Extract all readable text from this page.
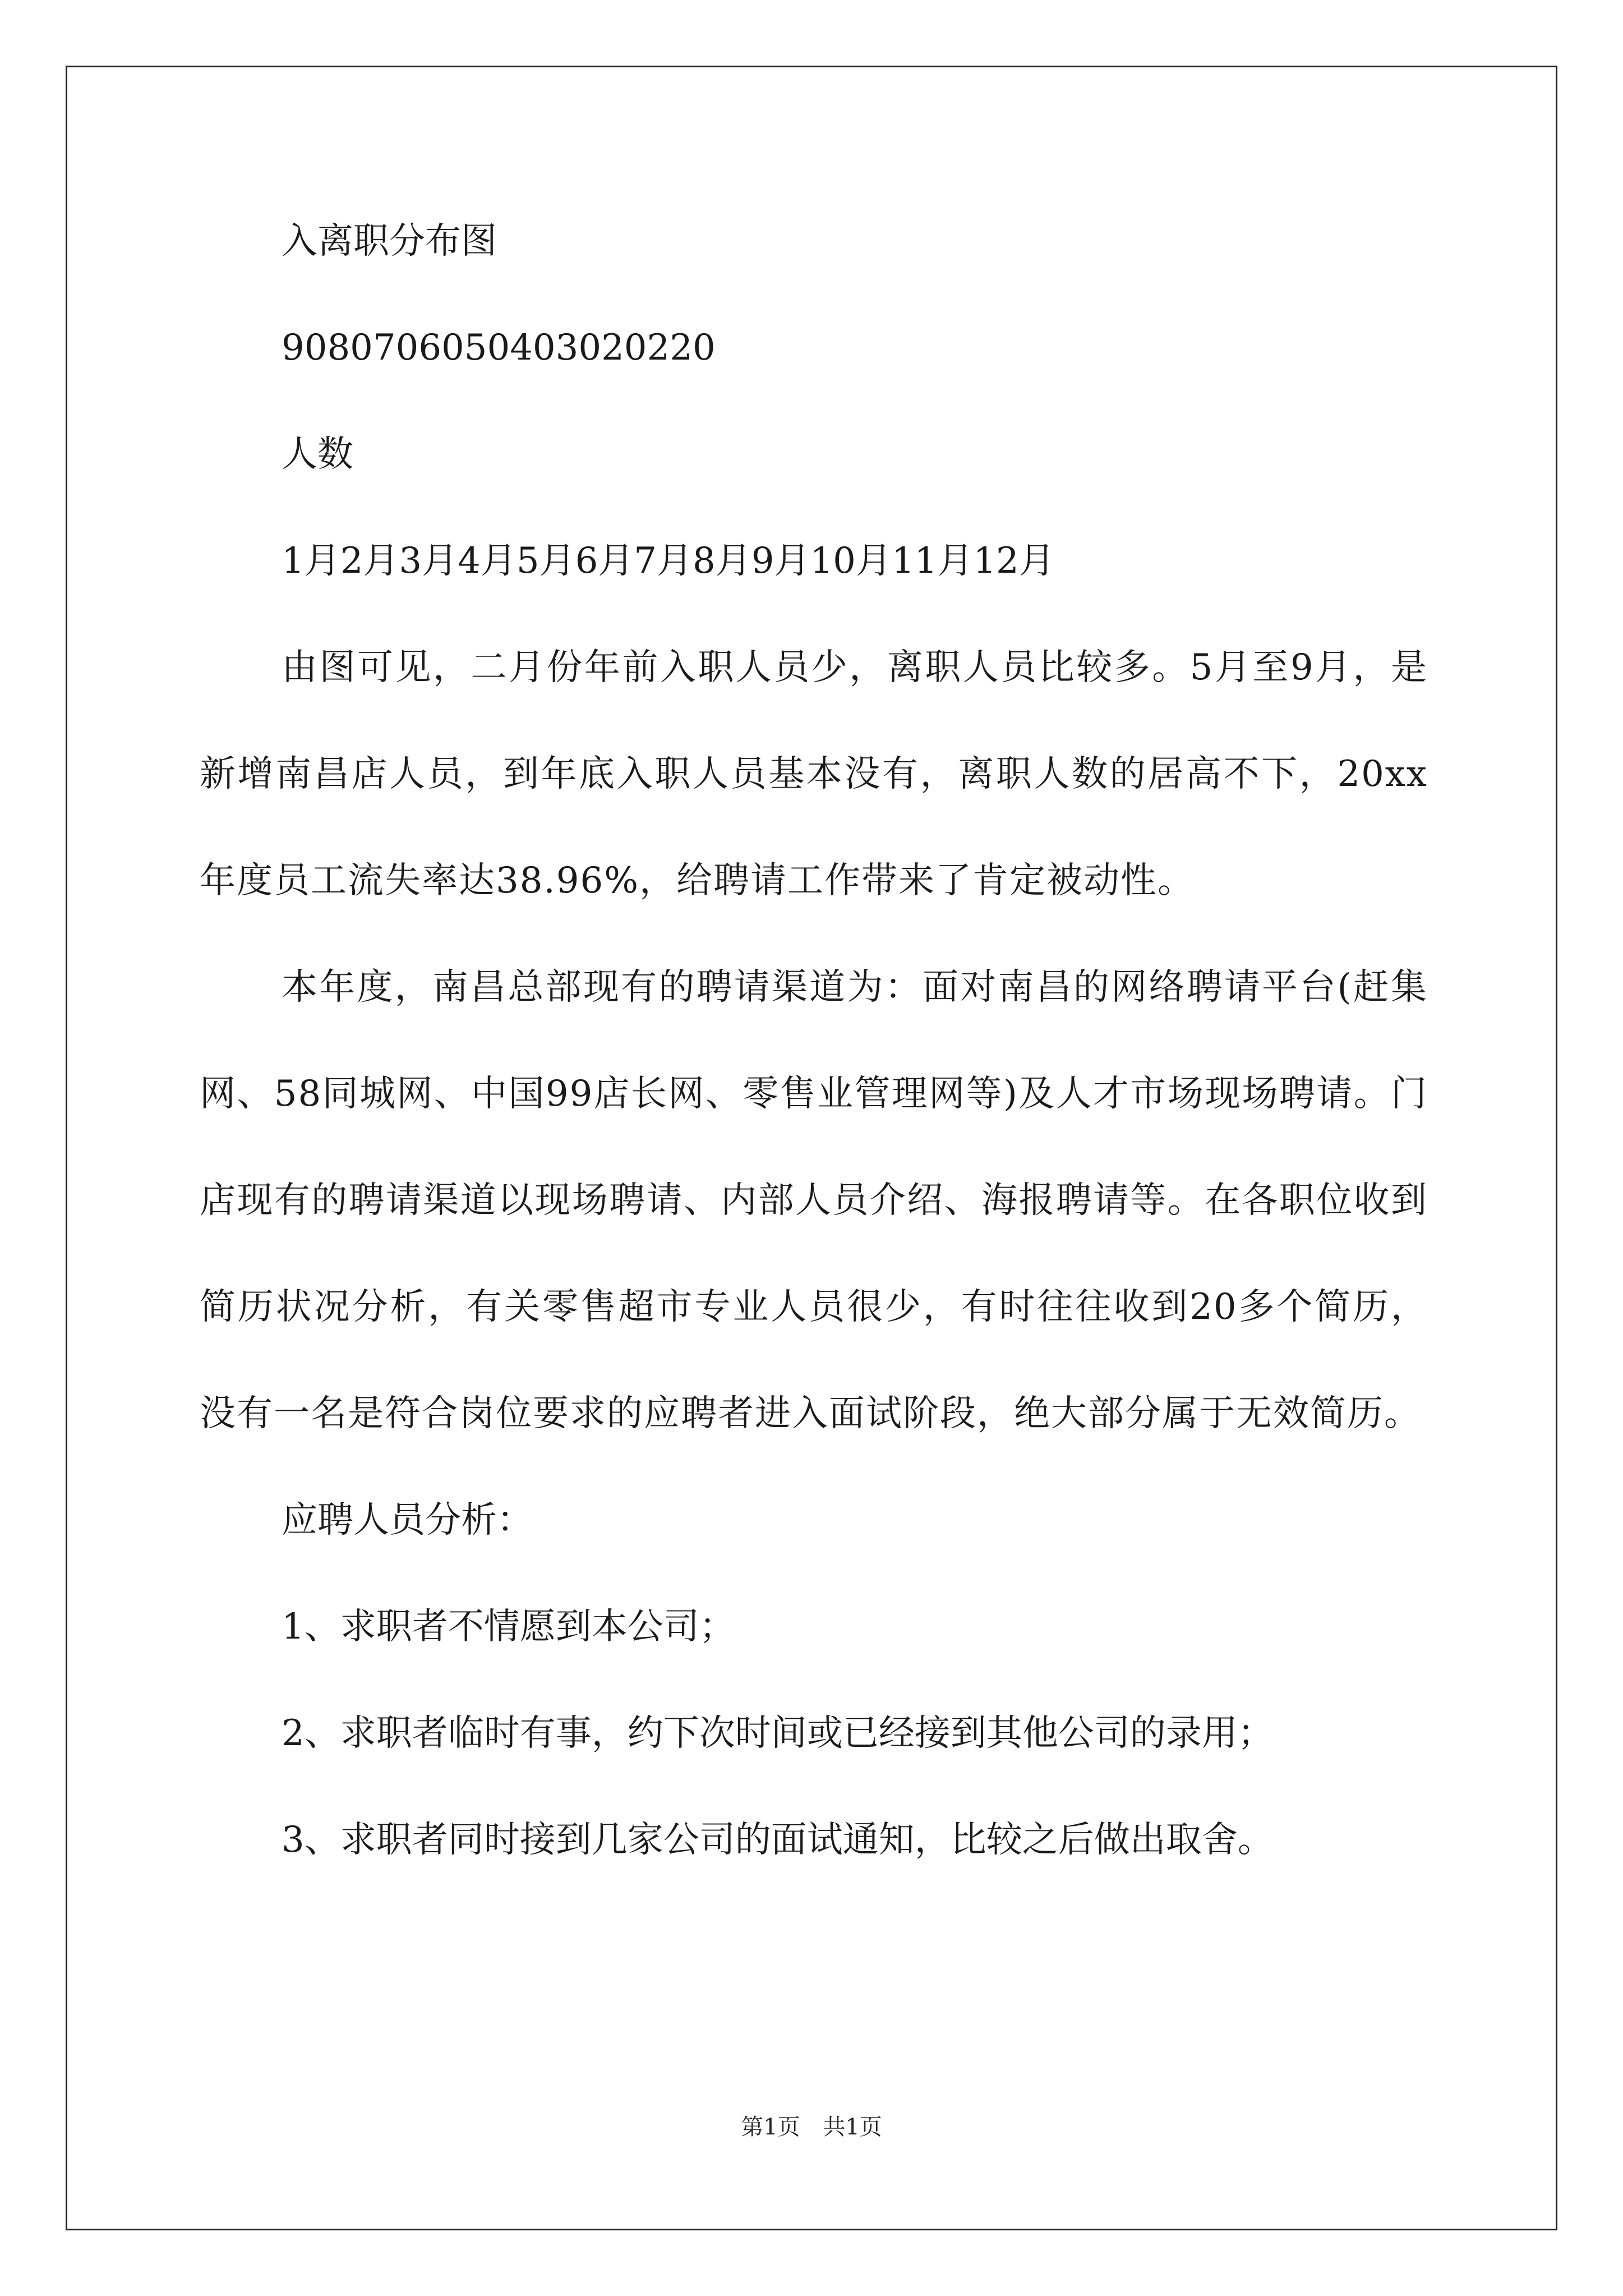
入离职分布图

9080706050403020220

人数

1月2月3月4月5月6月7月8月9月10月11月12月

由图可见，二月份年前入职人员少，离职人员比较多。5月至9月，是新增南昌店人员，到年底入职人员基本没有，离职人数的居高不下，20xx年度员工流失率达38.96%，给聘请工作带来了肯定被动性。

本年度，南昌总部现有的聘请渠道为：面对南昌的网络聘请平台(赶集网、58同城网、中国99店长网、零售业管理网等)及人才市场现场聘请。门店现有的聘请渠道以现场聘请、内部人员介绍、海报聘请等。在各职位收到简历状况分析，有关零售超市专业人员很少，有时往往收到20多个简历，没有一名是符合岗位要求的应聘者进入面试阶段，绝大部分属于无效简历。

应聘人员分析：

1、求职者不情愿到本公司；

2、求职者临时有事，约下次时间或已经接到其他公司的录用；

3、求职者同时接到几家公司的面试通知，比较之后做出取舍。

第1页 共1页
